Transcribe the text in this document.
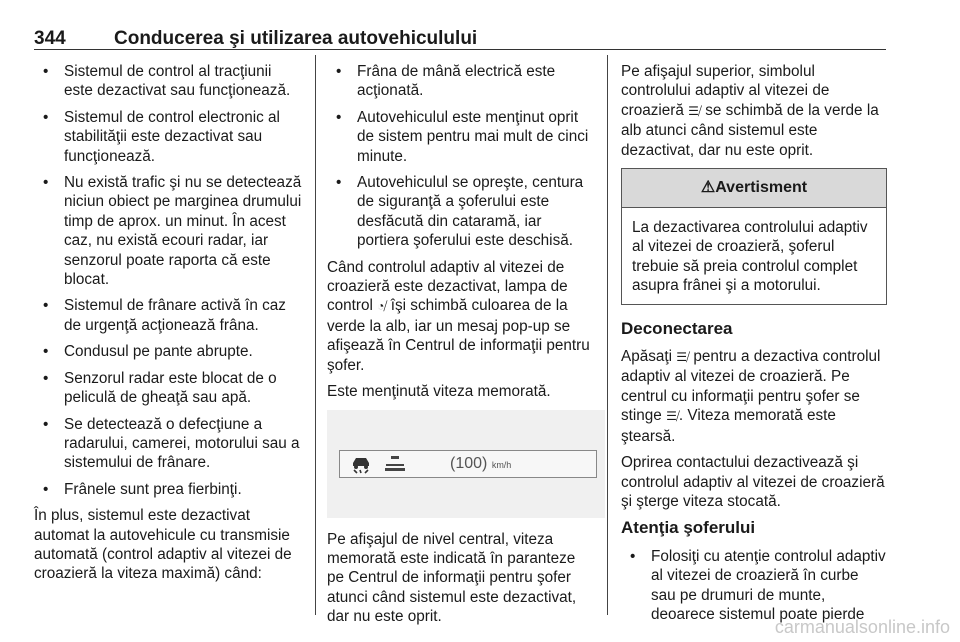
344	Conducerea şi utilizarea autovehiculului
• Sistemul de control al tracţiunii este dezactivat sau funcţionează.
• Sistemul de control electronic al stabilităţii este dezactivat sau funcţionează.
• Nu există trafic şi nu se detectează niciun obiect pe marginea drumului timp de aprox. un minut. În acest caz, nu există ecouri radar, iar senzorul poate raporta că este blocat.
• Sistemul de frânare activă în caz de urgenţă acţionează frâna.
• Condusul pe pante abrupte.
• Senzorul radar este blocat de o peliculă de gheaţă sau apă.
• Se detectează o defecţiune a radarului, camerei, motorului sau a sistemului de frânare.
• Frânele sunt prea fierbinţi.

În plus, sistemul este dezactivat automat la autovehicule cu transmisie automată (control adaptiv al vitezei de croazieră la viteza maximă) când:

• Frâna de mână electrică este acţionată.
• Autovehiculul este menţinut oprit de sistem pentru mai mult de cinci minute.
• Autovehiculul se opreşte, centura de siguranţă a şoferului este desfăcută din cataramă, iar portiera şoferului este deschisă.

Când controlul adaptiv al vitezei de croazieră este dezactivat, lampa de control ◔⧸ îşi schimbă culoarea de la verde la alb, iar un mesaj pop-up se afişează în Centrul de informaţii pentru şofer.

Este menţinută viteza memorată.

(100) km/h

Pe afişajul de nivel central, viteza memorată este indicată în paranteze pe Centrul de informaţii pentru şofer atunci când sistemul este dezactivat, dar nu este oprit.

Pe afişajul superior, simbolul controlului adaptiv al vitezei de croazieră ☰⧸ se schimbă de la verde la alb atunci când sistemul este dezactivat, dar nu este oprit.

⚠Avertisment
La dezactivarea controlului adaptiv al vitezei de croazieră, şoferul trebuie să preia controlul complet asupra frânei şi a motorului.
Deconectarea

Apăsaţi ☰⧸ pentru a dezactiva controlul adaptiv al vitezei de croazieră. Pe centrul cu informaţii pentru şofer se stinge ☰⧸. Viteza memorată este ştearsă.

Oprirea contactului dezactivează şi controlul adaptiv al vitezei de croazieră şi şterge viteza stocată.

Atenţia şoferului
• Folosiţi cu atenţie controlul adaptiv al vitezei de croazieră în curbe sau pe drumuri de munte, deoarece sistemul poate pierde
carmanualsonline.info
